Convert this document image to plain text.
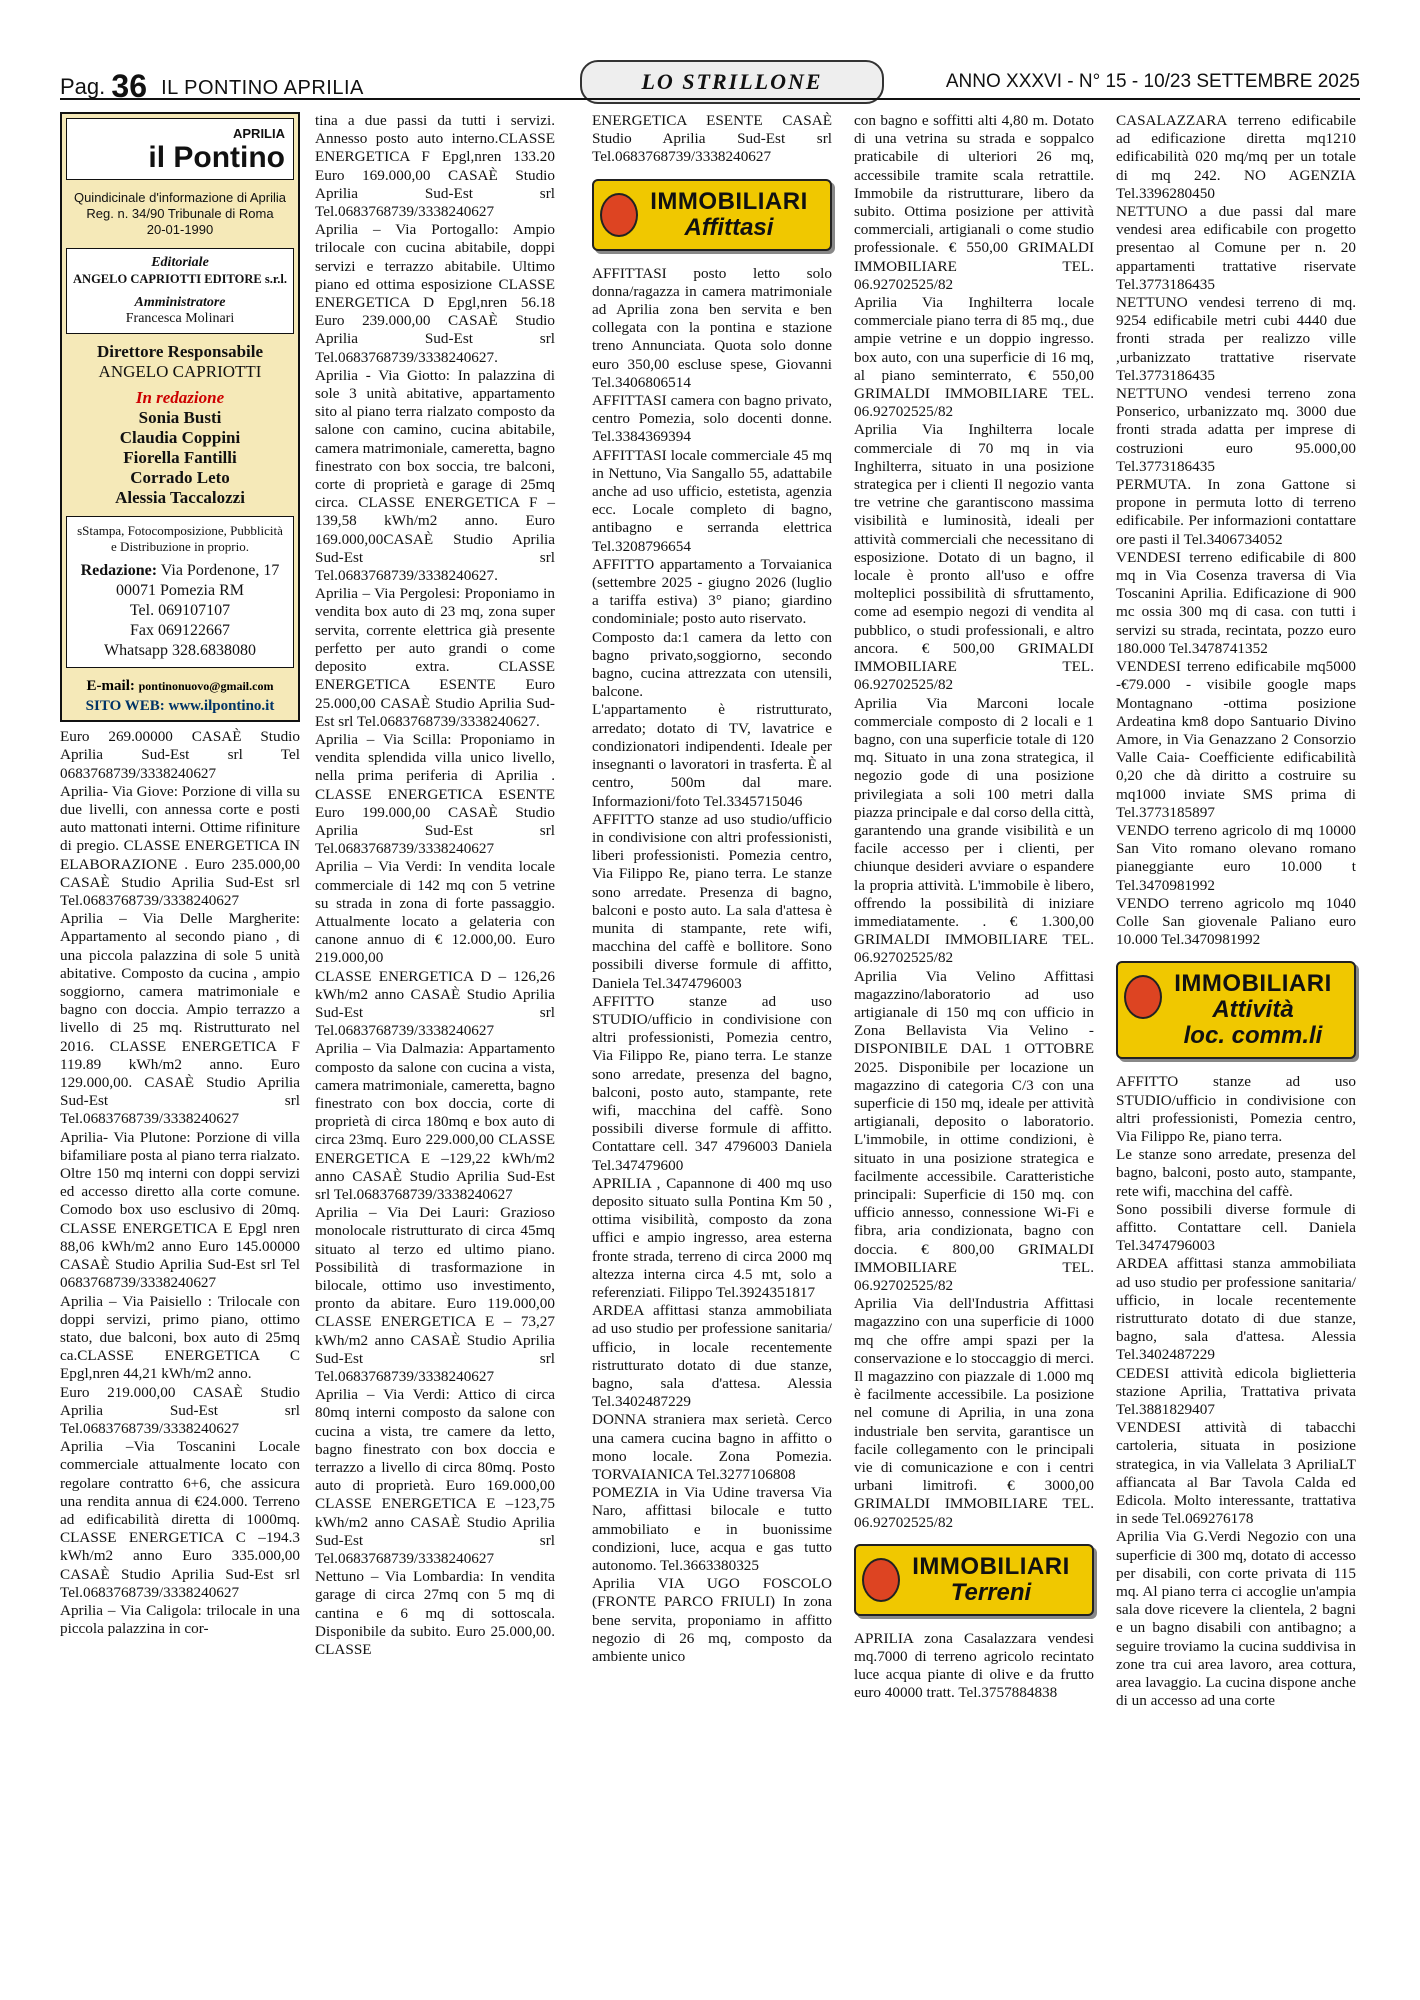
Pag. 36 IL PONTINO APRILIA	LO STRILLONE	ANNO XXXVI - N° 15 - 10/23 SETTEMBRE 2025
APRILIA
il Pontino
Quindicinale d'informazione di Aprilia
Reg. n. 34/90 Tribunale di Roma
20-01-1990
Editoriale
ANGELO CAPRIOTTI EDITORE s.r.l.
Amministratore
Francesca Molinari
Direttore Responsabile
ANGELO CAPRIOTTI
In redazione
Sonia Busti
Claudia Coppini
Fiorella Fantilli
Corrado Leto
Alessia Taccalozzi
sStampa, Fotocomposizione, Pubblicità e Distribuzione in proprio.
Redazione: Via Pordenone, 17
00071 Pomezia RM
Tel. 069107107
Fax 069122667
Whatsapp 328.6838080
E-mail: pontinonuovo@gmail.com
SITO WEB: www.ilpontino.it

Euro 269.00000 CASAÈ Studio Aprilia Sud-Est srl Tel 0683768739/3338240627

Aprilia- Via Giove: Porzione di villa su due livelli, con annessa corte e posti auto mattonati interni. Ottime rifiniture di pregio. CLASSE ENERGETICA IN ELABORAZIONE . Euro 235.000,00 CASAÈ Studio Aprilia Sud-Est srl Tel.0683768739/3338240627

Aprilia – Via Delle Margherite: Appartamento al secondo piano , di una piccola palazzina di sole 5 unità abitative. Composto da cucina , ampio soggiorno, camera matrimoniale e bagno con doccia. Ampio terrazzo a livello di 25 mq. Ristrutturato nel 2016. CLASSE ENERGETICA F 119.89 kWh/m2 anno. Euro 129.000,00. CASAÈ Studio Aprilia Sud-Est srl Tel.0683768739/3338240627

Aprilia- Via Plutone: Porzione di villa bifamiliare posta al piano terra rialzato. Oltre 150 mq interni con doppi servizi ed accesso diretto alla corte comune. Comodo box uso esclusivo di 20mq. CLASSE ENERGETICA E Epgl nren 88,06 kWh/m2 anno Euro 145.00000 CASAÈ Studio Aprilia Sud-Est srl Tel 0683768739/3338240627

Aprilia – Via Paisiello : Trilocale con doppi servizi, primo piano, ottimo stato, due balconi, box auto di 25mq ca.CLASSE ENERGETICA C Epgl,nren 44,21 kWh/m2 anno.

Euro 219.000,00 CASAÈ Studio Aprilia Sud-Est srl Tel.0683768739/3338240627

Aprilia –Via Toscanini Locale commerciale attualmente locato con regolare contratto 6+6, che assicura una rendita annua di €24.000. Terreno ad edificabilità diretta di 1000mq. CLASSE ENERGETICA C –194.3 kWh/m2 anno Euro 335.000,00 CASAÈ Studio Aprilia Sud-Est srl Tel.0683768739/3338240627

Aprilia – Via Caligola: trilocale in una piccola palazzina in cor-

tina a due passi da tutti i servizi. Annesso posto auto interno.CLASSE ENERGETICA F Epgl,nren 133.20 Euro 169.000,00 CASAÈ Studio Aprilia Sud-Est srl Tel.0683768739/3338240627

Aprilia – Via Portogallo: Ampio trilocale con cucina abitabile, doppi servizi e terrazzo abitabile. Ultimo piano ed ottima esposizione CLASSE ENERGETICA D Epgl,nren 56.18 Euro 239.000,00 CASAÈ Studio Aprilia Sud-Est srl Tel.0683768739/3338240627.

Aprilia - Via Giotto: In palazzina di sole 3 unità abitative, appartamento sito al piano terra rialzato composto da salone con camino, cucina abitabile, camera matrimoniale, cameretta, bagno finestrato con box soccia, tre balconi, corte di proprietà e garage di 25mq circa. CLASSE ENERGETICA F – 139,58 kWh/m2 anno. Euro 169.000,00CASAÈ Studio Aprilia Sud-Est srl Tel.0683768739/3338240627.

Aprilia – Via Pergolesi: Proponiamo in vendita box auto di 23 mq, zona super servita, corrente elettrica già presente perfetto per auto grandi o come deposito extra. CLASSE ENERGETICA ESENTE Euro 25.000,00 CASAÈ Studio Aprilia Sud-Est srl Tel.0683768739/3338240627.

Aprilia – Via Scilla: Proponiamo in vendita splendida villa unico livello, nella prima periferia di Aprilia . CLASSE ENERGETICA ESENTE Euro 199.000,00 CASAÈ Studio Aprilia Sud-Est srl Tel.0683768739/3338240627

Aprilia – Via Verdi: In vendita locale commerciale di 142 mq con 5 vetrine su strada in zona di forte passaggio. Attualmente locato a gelateria con canone annuo di € 12.000,00. Euro 219.000,00

CLASSE ENERGETICA D – 126,26 kWh/m2 anno CASAÈ Studio Aprilia Sud-Est srl Tel.0683768739/3338240627

Aprilia – Via Dalmazia: Appartamento composto da salone con cucina a vista, camera matrimoniale, cameretta, bagno finestrato con box doccia, corte di proprietà di circa 180mq e box auto di circa 23mq. Euro 229.000,00 CLASSE ENERGETICA E –129,22 kWh/m2 anno CASAÈ Studio Aprilia Sud-Est srl Tel.0683768739/3338240627

Aprilia – Via Dei Lauri: Grazioso monolocale ristrutturato di circa 45mq situato al terzo ed ultimo piano. Possibilità di trasformazione in bilocale, ottimo uso investimento, pronto da abitare. Euro 119.000,00 CLASSE ENERGETICA E – 73,27 kWh/m2 anno CASAÈ Studio Aprilia Sud-Est srl Tel.0683768739/3338240627

Aprilia – Via Verdi: Attico di circa 80mq interni composto da salone con cucina a vista, tre camere da letto, bagno finestrato con box doccia e terrazzo a livello di circa 80mq. Posto auto di proprietà. Euro 169.000,00 CLASSE ENERGETICA E –123,75 kWh/m2 anno CASAÈ Studio Aprilia Sud-Est srl Tel.0683768739/3338240627

Nettuno – Via Lombardia: In vendita garage di circa 27mq con 5 mq di cantina e 6 mq di sottoscala. Disponibile da subito. Euro 25.000,00. CLASSE

ENERGETICA ESENTE CASAÈ Studio Aprilia Sud-Est srl Tel.0683768739/3338240627

IMMOBILIARI
Affittasi

AFFITTASI posto letto solo donna/ragazza in camera matrimoniale ad Aprilia zona ben servita e ben collegata con la pontina e stazione treno Annunciata. Quota solo donne euro 350,00 escluse spese, Giovanni Tel.3406806514

AFFITTASI camera con bagno privato, centro Pomezia, solo docenti donne. Tel.3384369394

AFFITTASI locale commerciale 45 mq in Nettuno, Via Sangallo 55, adattabile anche ad uso ufficio, estetista, agenzia ecc. Locale completo di bagno, antibagno e serranda elettrica Tel.3208796654

AFFITTO appartamento a Torvaianica (settembre 2025 - giugno 2026 (luglio a tariffa estiva) 3° piano; giardino condominiale; posto auto riservato.

Composto da:1 camera da letto con bagno privato,soggiorno, secondo bagno, cucina attrezzata con utensili, balcone.

L'appartamento è ristrutturato, arredato; dotato di TV, lavatrice e condizionatori indipendenti. Ideale per insegnanti o lavoratori in trasferta. È al centro, 500m dal mare. Informazioni/foto Tel.3345715046

AFFITTO stanze ad uso studio/ufficio in condivisione con altri professionisti, liberi professionisti. Pomezia centro, Via Filippo Re, piano terra. Le stanze sono arredate. Presenza di bagno, balconi e posto auto. La sala d'attesa è munita di stampante, rete wifi, macchina del caffè e bollitore. Sono possibili diverse formule di affitto, Daniela Tel.3474796003

AFFITTO stanze ad uso STUDIO/ufficio in condivisione con altri professionisti, Pomezia centro, Via Filippo Re, piano terra. Le stanze sono arredate, presenza del bagno, balconi, posto auto, stampante, rete wifi, macchina del caffè. Sono possibili diverse formule di affitto. Contattare cell. 347 4796003 Daniela Tel.347479600

APRILIA , Capannone di 400 mq uso deposito situato sulla Pontina Km 50 , ottima visibilità, composto da zona uffici e ampio ingresso, area esterna fronte strada, terreno di circa 2000 mq altezza interna circa 4.5 mt, solo a referenziati. Filippo Tel.3924351817

ARDEA affittasi stanza ammobiliata ad uso studio per professione sanitaria/ ufficio, in locale recentemente ristrutturato dotato di due stanze, bagno, sala d'attesa. Alessia Tel.3402487229

DONNA straniera max serietà. Cerco una camera cucina bagno in affitto o mono locale. Zona Pomezia. TORVAIANICA Tel.3277106808

POMEZIA in Via Udine traversa Via Naro, affittasi bilocale e tutto ammobiliato e in buonissime condizioni, luce, acqua e gas tutto autonomo. Tel.3663380325

Aprilia VIA UGO FOSCOLO (FRONTE PARCO FRIULI) In zona bene servita, proponiamo in affitto negozio di 26 mq, composto da ambiente unico

con bagno e soffitti alti 4,80 m. Dotato di una vetrina su strada e soppalco praticabile di ulteriori 26 mq, accessibile tramite scala retrattile. Immobile da ristrutturare, libero da subito. Ottima posizione per attività commerciali, artigianali o come studio professionale. € 550,00 GRIMALDI IMMOBILIARE TEL. 06.92702525/82

Aprilia Via Inghilterra locale commerciale piano terra di 85 mq., due ampie vetrine e un doppio ingresso. box auto, con una superficie di 16 mq, al piano seminterrato, € 550,00 GRIMALDI IMMOBILIARE TEL. 06.92702525/82

Aprilia Via Inghilterra locale commerciale di 70 mq in via Inghilterra, situato in una posizione strategica per i clienti Il negozio vanta tre vetrine che garantiscono massima visibilità e luminosità, ideali per attività commerciali che necessitano di esposizione. Dotato di un bagno, il locale è pronto all'uso e offre molteplici possibilità di sfruttamento, come ad esempio negozi di vendita al pubblico, o studi professionali, e altro ancora. € 500,00 GRIMALDI IMMOBILIARE TEL. 06.92702525/82

Aprilia Via Marconi locale commerciale composto di 2 locali e 1 bagno, con una superficie totale di 120 mq. Situato in una zona strategica, il negozio gode di una posizione privilegiata a soli 100 metri dalla piazza principale e dal corso della città, garantendo una grande visibilità e un facile accesso per i clienti, per chiunque desideri avviare o espandere la propria attività. L'immobile è libero, offrendo la possibilità di iniziare immediatamente. . € 1.300,00 GRIMALDI IMMOBILIARE TEL. 06.92702525/82

Aprilia Via Velino Affittasi magazzino/laboratorio ad uso artigianale di 150 mq con ufficio in Zona Bellavista Via Velino - DISPONIBILE DAL 1 OTTOBRE 2025. Disponibile per locazione un magazzino di categoria C/3 con una superficie di 150 mq, ideale per attività artigianali, deposito o laboratorio. L'immobile, in ottime condizioni, è situato in una posizione strategica e facilmente accessibile. Caratteristiche principali: Superficie di 150 mq. con ufficio annesso, connessione Wi-Fi e fibra, aria condizionata, bagno con doccia. € 800,00 GRIMALDI IMMOBILIARE TEL. 06.92702525/82

Aprilia Via dell'Industria Affittasi magazzino con una superficie di 1000 mq che offre ampi spazi per la conservazione e lo stoccaggio di merci. Il magazzino con piazzale di 1.000 mq è facilmente accessibile. La posizione nel comune di Aprilia, in una zona industriale ben servita, garantisce un facile collegamento con le principali vie di comunicazione e con i centri urbani limitrofi. € 3000,00 GRIMALDI IMMOBILIARE TEL. 06.92702525/82

IMMOBILIARI
Terreni

APRILIA zona Casalazzara vendesi mq.7000 di terreno agricolo recintato luce acqua piante di olive e da frutto euro 40000 tratt. Tel.3757884838

CASALAZZARA terreno edificabile ad edificazione diretta mq1210 edificabilità 020 mq/mq per un totale di mq 242. NO AGENZIA Tel.3396280450

NETTUNO a due passi dal mare vendesi area edificabile con progetto presentao al Comune per n. 20 appartamenti trattative riservate Tel.3773186435

NETTUNO vendesi terreno di mq. 9254 edificabile metri cubi 4440 due fronti strada per realizzo ville ,urbanizzato trattative riservate Tel.3773186435

NETTUNO vendesi terreno zona Ponserico, urbanizzato mq. 3000 due fronti strada adatta per imprese di costruzioni euro 95.000,00 Tel.3773186435

PERMUTA. In zona Gattone si propone in permuta lotto di terreno edificabile. Per informazioni contattare ore pasti il Tel.3406734052

VENDESI terreno edificabile di 800 mq in Via Cosenza traversa di Via Toscanini Aprilia. Edificazione di 900 mc ossia 300 mq di casa. con tutti i servizi su strada, recintata, pozzo euro 180.000 Tel.3478741352

VENDESI terreno edificabile mq5000 -€79.000 - visibile google maps Montagnano -ottima posizione Ardeatina km8 dopo Santuario Divino Amore, in Via Genazzano 2 Consorzio Valle Caia- Coefficiente edificabilità 0,20 che dà diritto a costruire su mq1000 inviate SMS prima di Tel.3773185897

VENDO terreno agricolo di mq 10000 San Vito romano olevano romano pianeggiante euro 10.000 t Tel.3470981992

VENDO terreno agricolo mq 1040 Colle San giovenale Paliano euro 10.000 Tel.3470981992

IMMOBILIARI
Attività
loc. comm.li

AFFITTO stanze ad uso STUDIO/ufficio in condivisione con altri professionisti, Pomezia centro, Via Filippo Re, piano terra.

Le stanze sono arredate, presenza del bagno, balconi, posto auto, stampante, rete wifi, macchina del caffè.

Sono possibili diverse formule di affitto. Contattare cell. Daniela Tel.3474796003

ARDEA affittasi stanza ammobiliata ad uso studio per professione sanitaria/ ufficio, in locale recentemente ristrutturato dotato di due stanze, bagno, sala d'attesa. Alessia Tel.3402487229

CEDESI attività edicola biglietteria stazione Aprilia, Trattativa privata Tel.3881829407

VENDESI attività di tabacchi cartoleria, situata in posizione strategica, in via Vallelata 3 ApriliaLT affiancata al Bar Tavola Calda ed Edicola. Molto interessante, trattativa in sede Tel.069276178

Aprilia Via G.Verdi Negozio con una superficie di 300 mq, dotato di accesso per disabili, con corte privata di 115 mq. Al piano terra ci accoglie un'ampia sala dove ricevere la clientela, 2 bagni e un bagno disabili con antibagno; a seguire troviamo la cucina suddivisa in zone tra cui area lavoro, area cottura, area lavaggio. La cucina dispone anche di un accesso ad una corte
